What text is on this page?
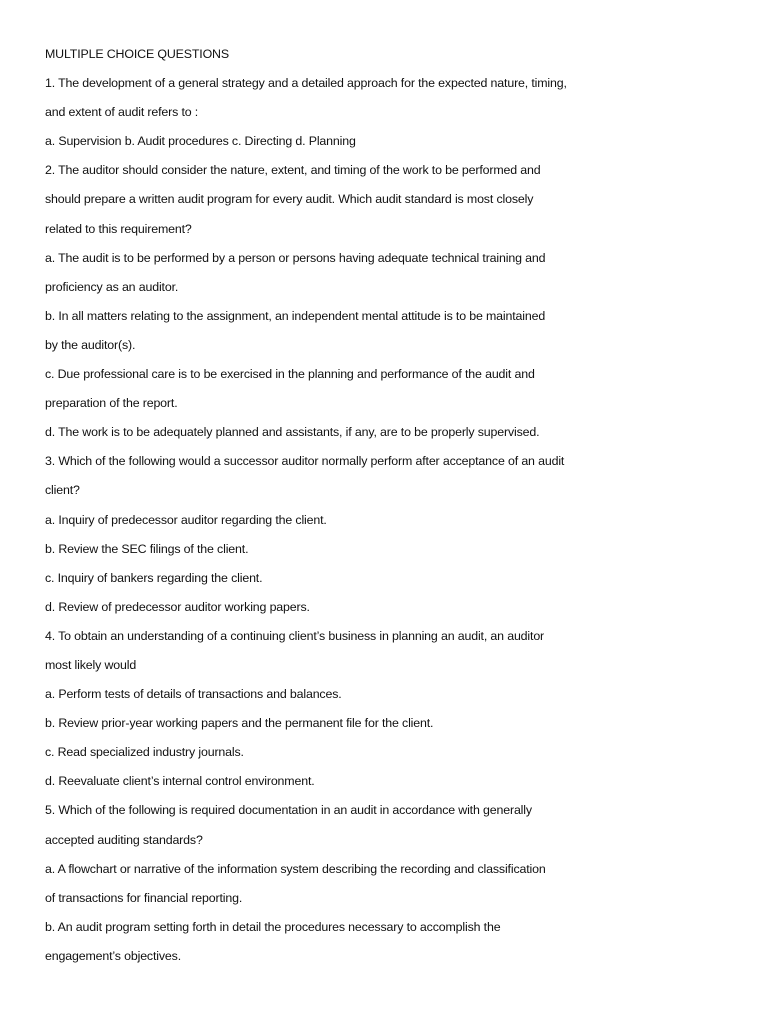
MULTIPLE CHOICE QUESTIONS
1. The development of a general strategy and a detailed approach for the expected nature, timing,
and extent of audit refers to :
a. Supervision b. Audit procedures c. Directing d. Planning
2. The auditor should consider the nature, extent, and timing of the work to be performed and
should prepare a written audit program for every audit. Which audit standard is most closely
related to this requirement?
a. The audit is to be performed by a person or persons having adequate technical training and
proficiency as an auditor.
b. In all matters relating to the assignment, an independent mental attitude is to be maintained
by the auditor(s).
c. Due professional care is to be exercised in the planning and performance of the audit and
preparation of the report.
d. The work is to be adequately planned and assistants, if any, are to be properly supervised.
3. Which of the following would a successor auditor normally perform after acceptance of an audit
client?
a. Inquiry of predecessor auditor regarding the client.
b. Review the SEC filings of the client.
c. Inquiry of bankers regarding the client.
d. Review of predecessor auditor working papers.
4. To obtain an understanding of a continuing client’s business in planning an audit, an auditor
most likely would
a. Perform tests of details of transactions and balances.
b. Review prior-year working papers and the permanent file for the client.
c. Read specialized industry journals.
d. Reevaluate client’s internal control environment.
5. Which of the following is required documentation in an audit in accordance with generally
accepted auditing standards?
a. A flowchart or narrative of the information system describing the recording and classification
of transactions for financial reporting.
b. An audit program setting forth in detail the procedures necessary to accomplish the
engagement’s objectives.
